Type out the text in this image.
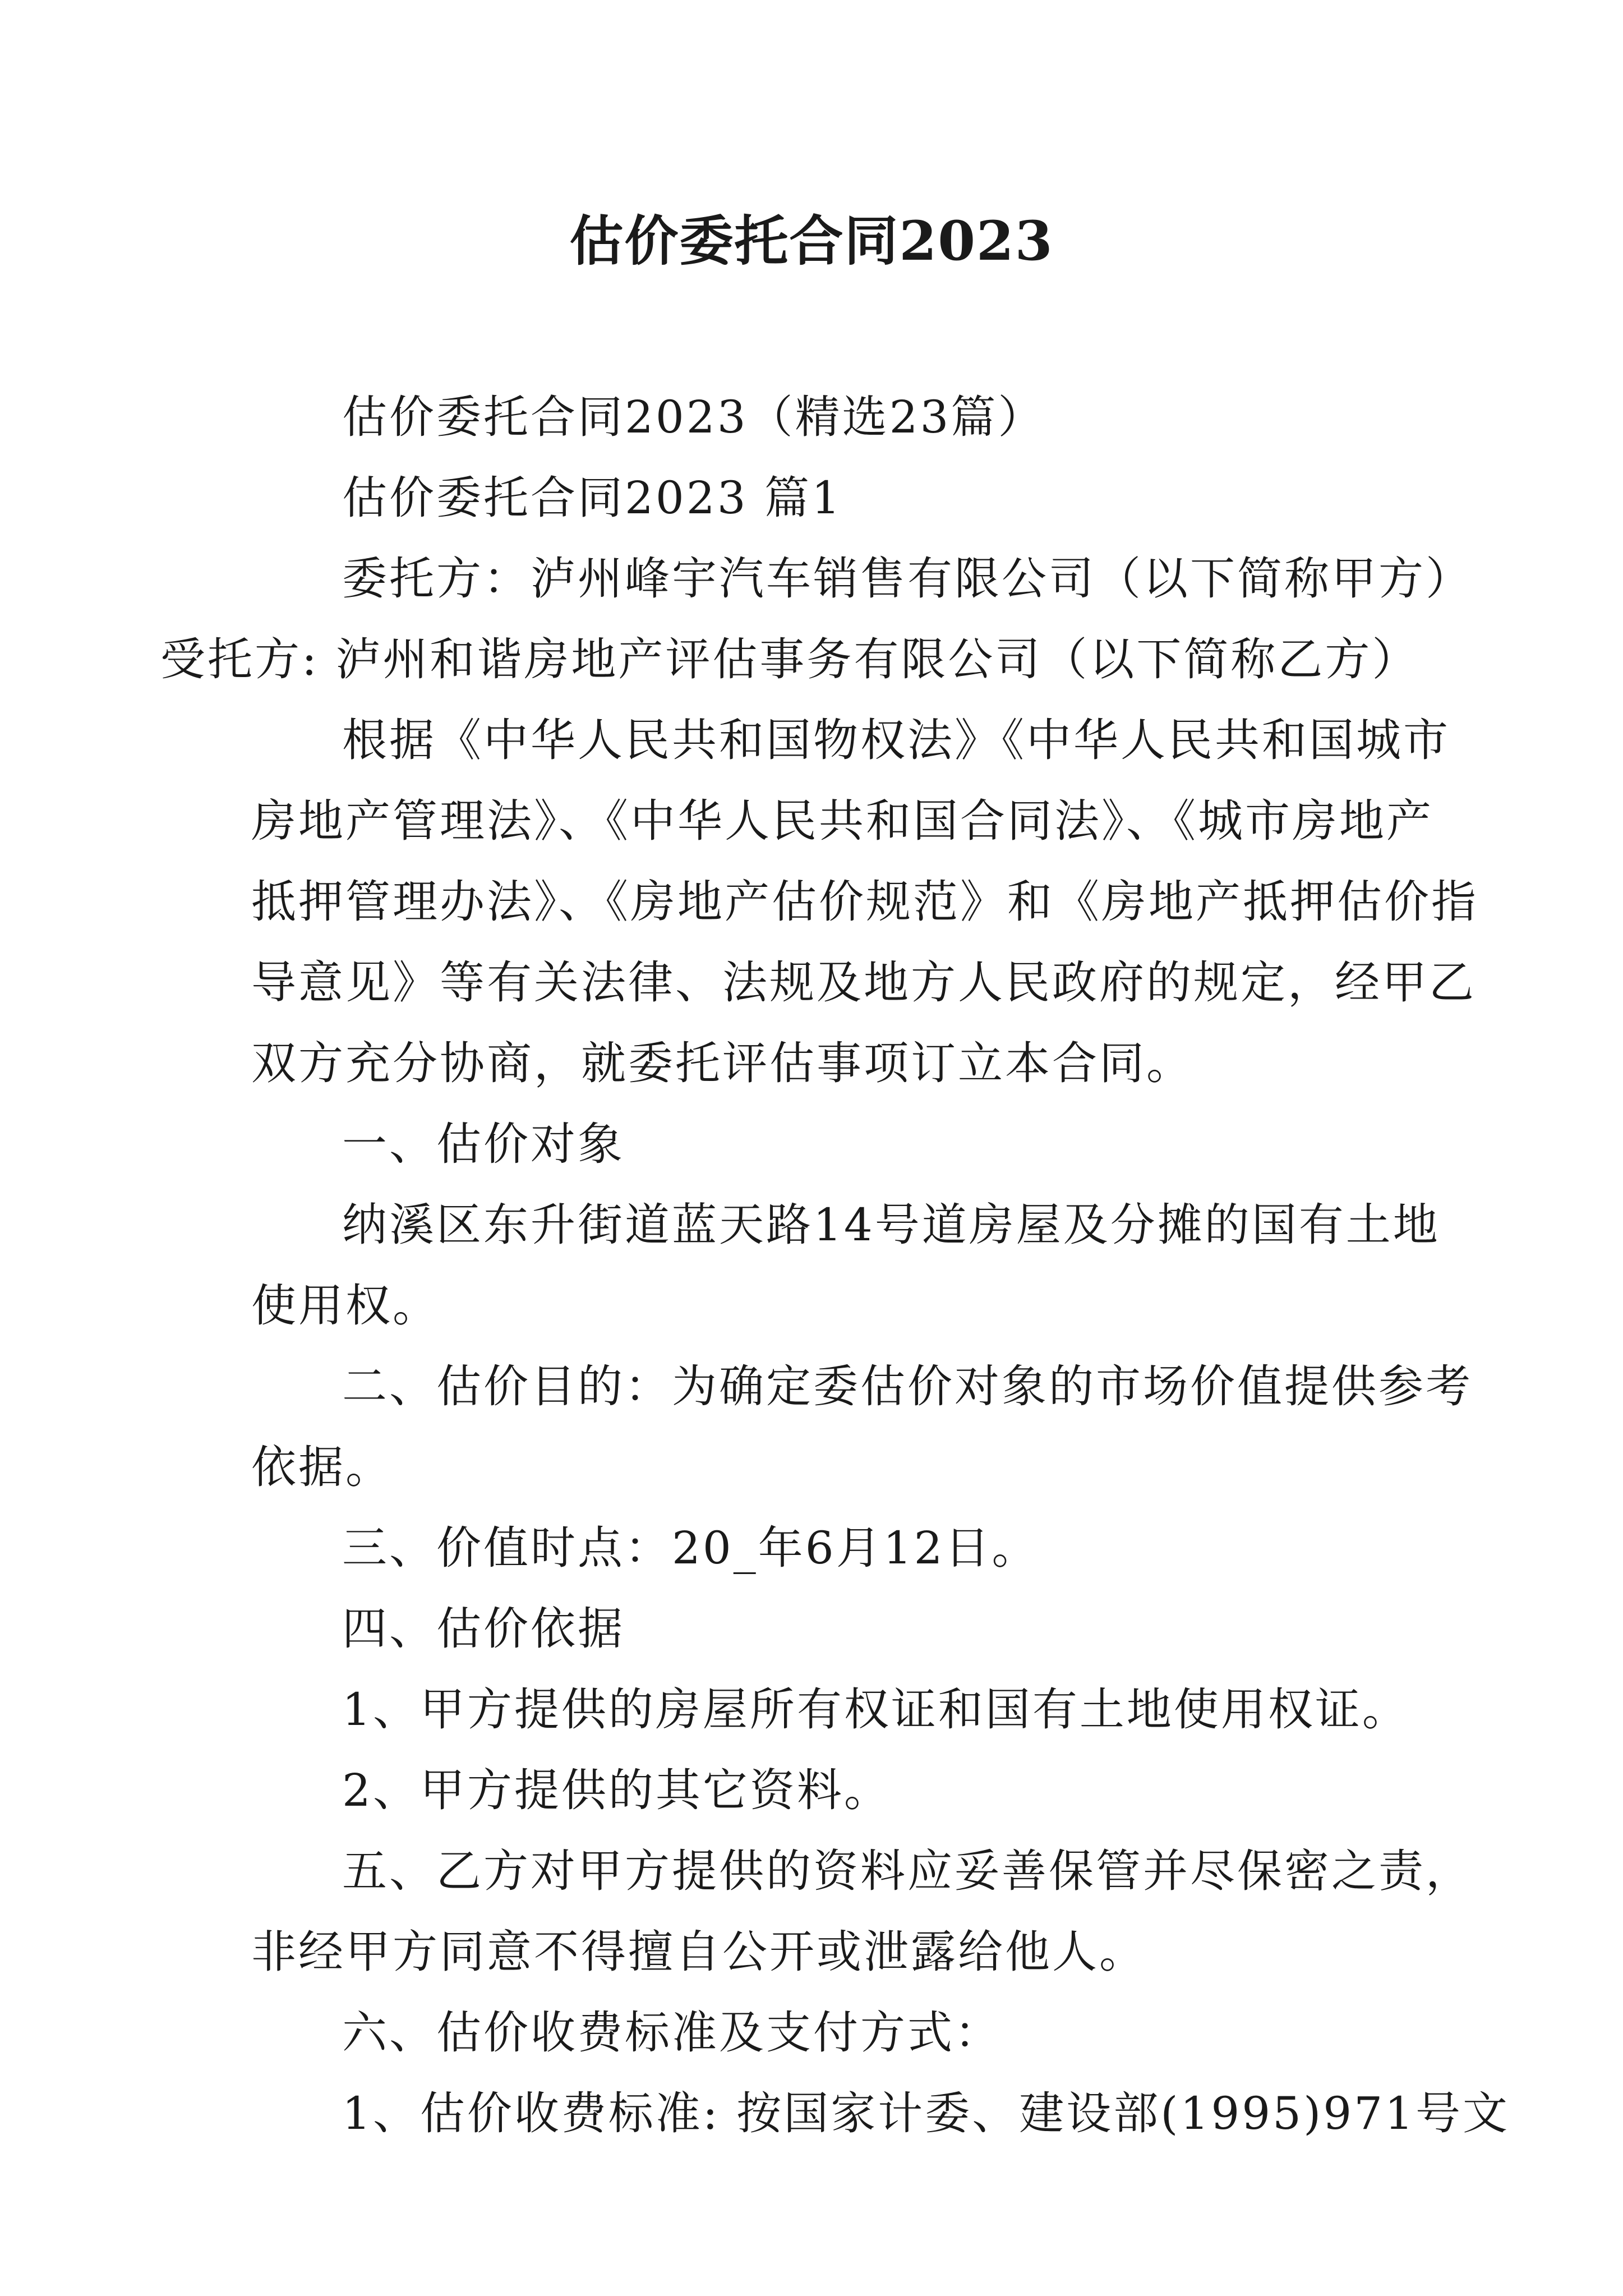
估价委托合同2023

估价委托合同2023（精选23篇）

估价委托合同2023 篇1

委托方：泸州峰宇汽车销售有限公司（以下简称甲方）

受托方: 泸州和谐房地产评估事务有限公司（以下简称乙方）

根据《中华人民共和国物权法》《中华人民共和国城市
房地产管理法》、《中华人民共和国合同法》、《城市房地产
抵押管理办法》、《房地产估价规范》和《房地产抵押估价指
导意见》等有关法律、法规及地方人民政府的规定，经甲乙
双方充分协商，就委托评估事项订立本合同。

一、估价对象

纳溪区东升街道蓝天路14号道房屋及分摊的国有土地
使用权。

二、估价目的：为确定委估价对象的市场价值提供参考
依据。

三、价值时点：20_年6月12日。

四、估价依据

1、甲方提供的房屋所有权证和国有土地使用权证。

2、甲方提供的其它资料。

五、乙方对甲方提供的资料应妥善保管并尽保密之责，
非经甲方同意不得擅自公开或泄露给他人。

六、估价收费标准及支付方式：

1、估价收费标准: 按国家计委、建设部(1995)971号文
